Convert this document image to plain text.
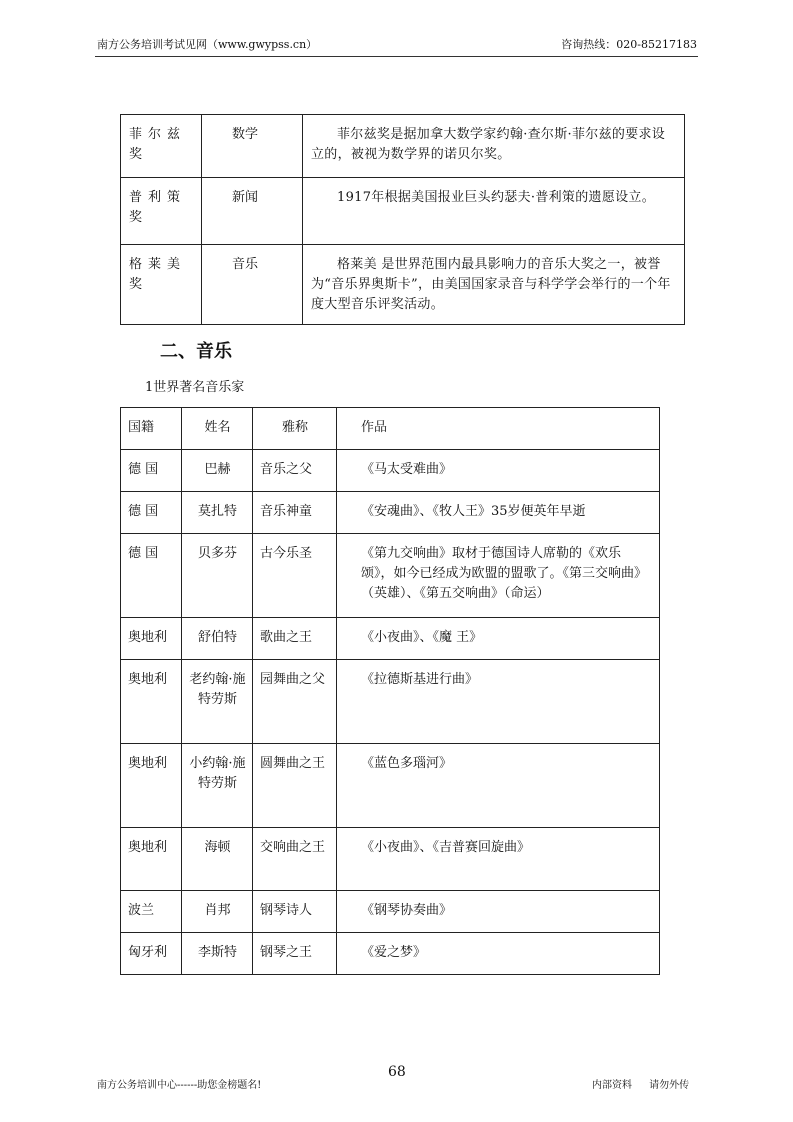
南方公务培训考试见网（www.gwypss.cn）	咨询热线：020-85217183
菲尔兹奖	数学	菲尔兹奖是据加拿大数学家约翰·查尔斯·菲尔兹的要求设立的，被视为数学界的诺贝尔奖。
普利策奖	新闻	1917年根据美国报业巨头约瑟夫·普利策的遗愿设立。
格莱美奖	音乐	格莱美 是世界范围内最具影响力的音乐大奖之一，被誉为“音乐界奥斯卡”，由美国国家录音与科学学会举行的一个年度大型音乐评奖活动。
二、音乐
1世界著名音乐家
国籍	姓名	雅称	作品
德 国	巴赫	音乐之父	《马太受难曲》
德 国	莫扎特	音乐神童	《安魂曲》、《牧人王》35岁便英年早逝
德 国	贝多芬	古今乐圣	《第九交响曲》取材于德国诗人席勒的《欢乐颂》，如今已经成为欧盟的盟歌了。《第三交响曲》（英雄）、《第五交响曲》（命运）
奥地利	舒伯特	歌曲之王	《小夜曲》、《魔 王》
奥地利	老约翰·施特劳斯	园舞曲之父	《拉德斯基进行曲》
奥地利	小约翰·施特劳斯	圆舞曲之王	《蓝色多瑙河》
奥地利	海顿	交响曲之王	《小夜曲》、《吉普赛回旋曲》
波兰	肖邦	钢琴诗人	《钢琴协奏曲》
匈牙利	李斯特	钢琴之王	《爱之梦》
南方公务培训中心------助您金榜题名!
68
内部资料 请勿外传
